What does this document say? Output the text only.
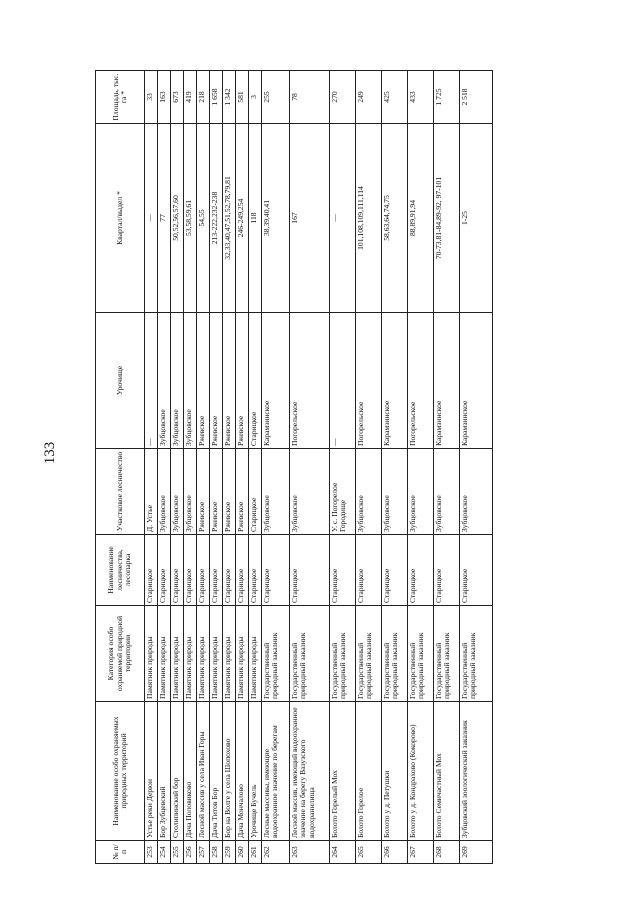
133
№ п/п	Наименование особо охраняемых природных территорий	Категория особо охраняемой природной территории	Наименование лесничества, лесопарка	Участковое лесничество	Урочище	Квартал/выдел *	Площадь, тыс. га *
253	Устье реки Дерюи	Памятник природы	Старицкое	Д. Устье	—	—	33
254	Бор Зубцевский	Памятник природы	Старицкое	Зубцовское	Зубцовское	77	163
255	Столипинский бор	Памятник природы	Старицкое	Зубцовское	Зубцовское	50,52,56,57,60	673
256	Дача Половиково	Памятник природы	Старицкое	Зубцовское	Зубцовское	53,58,59,61	419
257	Лесной массив у села Иван Горы	Памятник природы	Старицкое	Ржевское	Ржевское	54,55	218
258	Дача Титов Бор	Памятник природы	Старицкое	Ржевское	Ржевское	213-222,232-238	1 658
259	Бор на Волге у села Шопохово	Памятник природы	Старицкое	Ржевское	Ржевское	32,33,40,47,51,52,78,79,81	1 342
260	Дача Мончалово	Памятник природы	Старицкое	Ржевское	Ржевское	246-249,254	581
261	Урочище Бучель	Памятник природы	Старицкое	Старицкое	Старицкое	118	3
262	Лесные массивы, имеющие водоохранное значение по берегам	Государственный природный заказник	Старицкое	Зубцовское	Карамзинское	38,39,40,41	255
263	Лесной массив, имеющий водоохранное значение на берегу Вазузского водохранилища	Государственный природный заказник	Старицкое	Зубцовское	Погорельское	167	78
264	Болото Горелый Мох	Государственный природный заказник	Старицкое	У. с. Погорелое Городище	—	—	270
265	Болото Горелое	Государственный природный заказник	Старицкое	Зубцовское	Погорельское	101,108,109,111,114	249
266	Болото у д. Петушки	Государственный природный заказник	Старицкое	Зубцовское	Карамзинское	58,63,64,74,75	425
267	Болото у д. Кондрахово (Кокорово)	Государственный природный заказник	Старицкое	Зубцовское	Погорельское	88,89,91,94	433
268	Болото Семичастный Мох	Государственный природный заказник	Старицкое	Зубцовское	Карамзинское	70-73,81-84,89-92, 97-101	1 725
269	Зубцовский зоологический заказник	Государственный природный заказник	Старицкое	Зубцовское	Карамзинское	1-25	2 518
